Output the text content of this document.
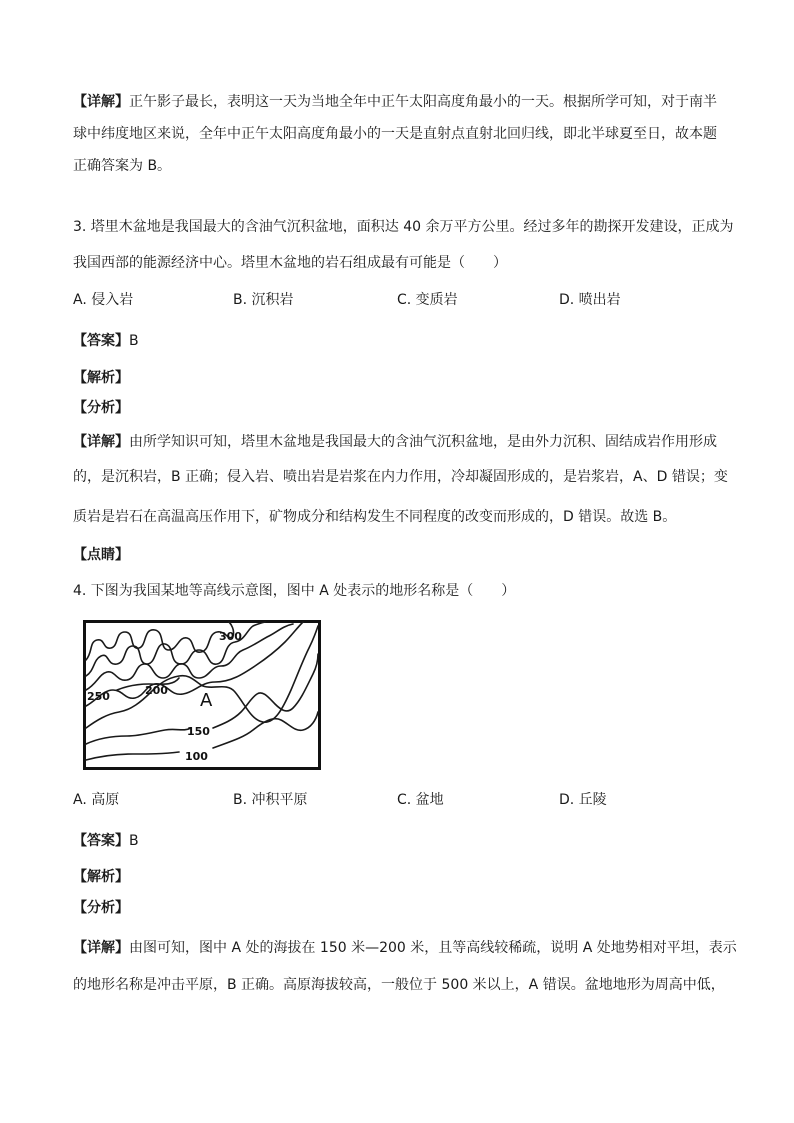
【详解】正午影子最长，表明这一天为当地全年中正午太阳高度角最小的一天。根据所学可知，对于南半
球中纬度地区来说，全年中正午太阳高度角最小的一天是直射点直射北回归线，即北半球夏至日，故本题
正确答案为 B。
3. 塔里木盆地是我国最大的含油气沉积盆地，面积达 40 余万平方公里。经过多年的勘探开发建设，正成为
我国西部的能源经济中心。塔里木盆地的岩石组成最有可能是（　　）
A. 侵入岩	B. 沉积岩	C. 变质岩	D. 喷出岩
【答案】B
【解析】
【分析】
【详解】由所学知识可知，塔里木盆地是我国最大的含油气沉积盆地，是由外力沉积、固结成岩作用形成
的，是沉积岩，B 正确；侵入岩、喷出岩是岩浆在内力作用，冷却凝固形成的，是岩浆岩，A、D 错误；变
质岩是岩石在高温高压作用下，矿物成分和结构发生不同程度的改变而形成的，D 错误。故选 B。
【点睛】
4. 下图为我国某地等高线示意图，图中 A 处表示的地形名称是（　　）
300
250	200
150
100
A
A. 高原	B. 冲积平原	C. 盆地	D. 丘陵
【答案】B
【解析】
【分析】
【详解】由图可知，图中 A 处的海拔在 150 米—200 米，且等高线较稀疏，说明 A 处地势相对平坦，表示
的地形名称是冲击平原，B 正确。高原海拔较高，一般位于 500 米以上，A 错误。盆地地形为周高中低，
